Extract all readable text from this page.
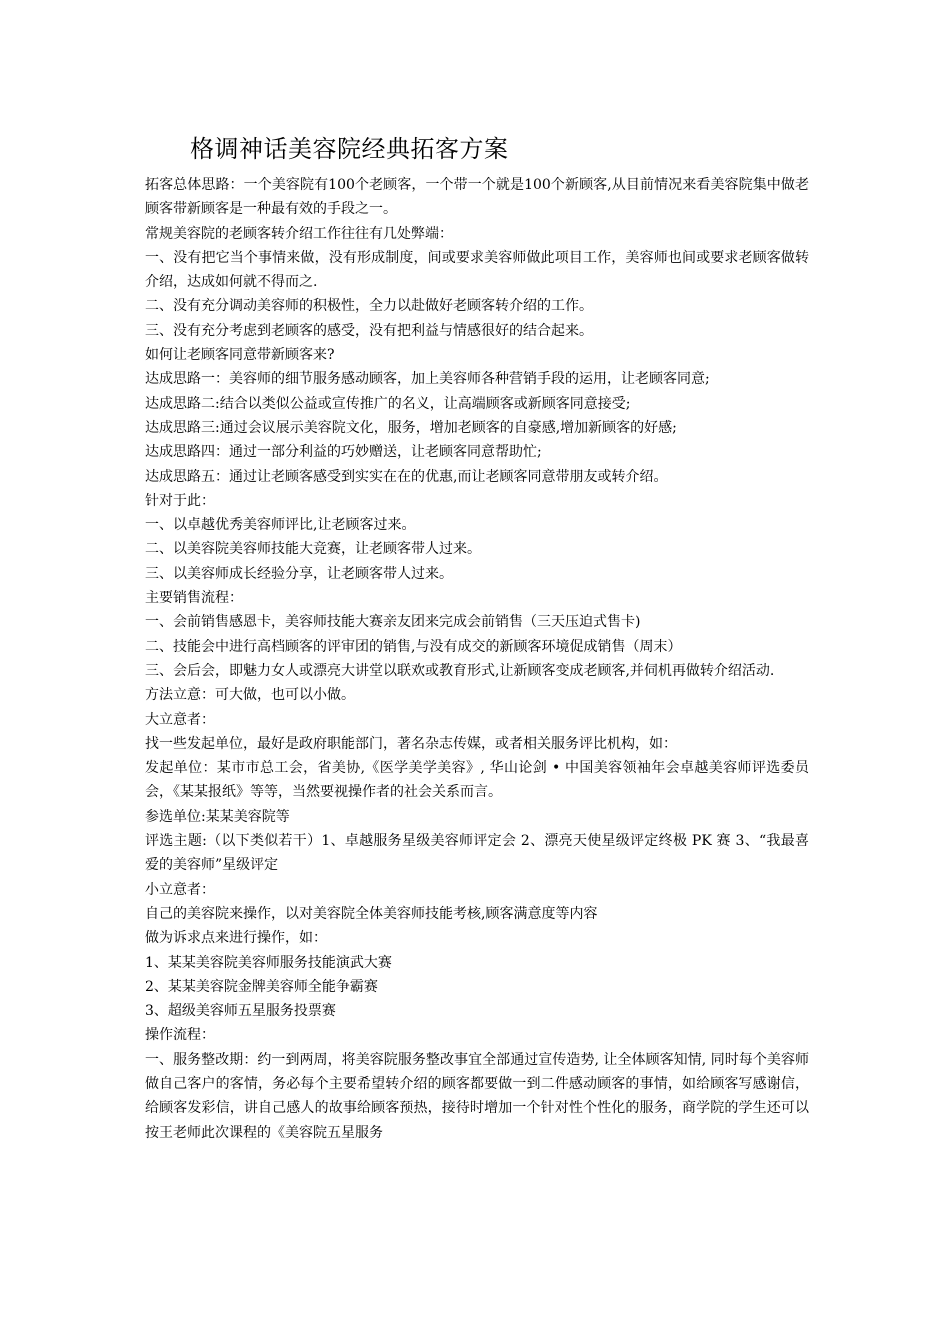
格调神话美容院经典拓客方案

拓客总体思路：一个美容院有100个老顾客，一个带一个就是100个新顾客,从目前情况来看美容院集中做老顾客带新顾客是一种最有效的手段之一。

常规美容院的老顾客转介绍工作往往有几处弊端：

一、没有把它当个事情来做，没有形成制度，间或要求美容师做此项目工作，美容师也间或要求老顾客做转介绍，达成如何就不得而之.

二、没有充分调动美容师的积极性，全力以赴做好老顾客转介绍的工作。

三、没有充分考虑到老顾客的感受，没有把利益与情感很好的结合起来。

如何让老顾客同意带新顾客来?

达成思路一：美容师的细节服务感动顾客，加上美容师各种营销手段的运用，让老顾客同意;

达成思路二:结合以类似公益或宣传推广的名义，让高端顾客或新顾客同意接受;

达成思路三:通过会议展示美容院文化，服务，增加老顾客的自豪感,增加新顾客的好感;

达成思路四：通过一部分利益的巧妙赠送，让老顾客同意帮助忙;

达成思路五：通过让老顾客感受到实实在在的优惠,而让老顾客同意带朋友或转介绍。

针对于此：

一、以卓越优秀美容师评比,让老顾客过来。

二、以美容院美容师技能大竞赛，让老顾客带人过来。

三、以美容师成长经验分享，让老顾客带人过来。

主要销售流程：

一、会前销售感恩卡，美容师技能大赛亲友团来完成会前销售（三天压迫式售卡)

二、技能会中进行高档顾客的评审团的销售,与没有成交的新顾客环境促成销售（周末）

三、会后会，即魅力女人或漂亮大讲堂以联欢或教育形式,让新顾客变成老顾客,并伺机再做转介绍活动.

方法立意：可大做，也可以小做。

大立意者：

找一些发起单位，最好是政府职能部门，著名杂志传媒，或者相关服务评比机构，如：

发起单位：某市市总工会，省美协,《医学美学美容》, 华山论剑 • 中国美容领袖年会卓越美容师评选委员会，《某某报纸》等等，当然要视操作者的社会关系而言。

参选单位:某某美容院等

评选主题:（以下类似若干）1、卓越服务星级美容师评定会 2、漂亮天使星级评定终极 PK 赛 3、“我最喜爱的美容师”星级评定

小立意者：

自己的美容院来操作，以对美容院全体美容师技能考核,顾客满意度等内容

做为诉求点来进行操作，如：

1、某某美容院美容师服务技能演武大赛

2、某某美容院金牌美容师全能争霸赛

3、超级美容师五星服务投票赛

操作流程：

一、服务整改期：约一到两周，将美容院服务整改事宜全部通过宣传造势, 让全体顾客知情, 同时每个美容师做自己客户的客情，务必每个主要希望转介绍的顾客都要做一到二件感动顾客的事情，如给顾客写感谢信，给顾客发彩信，讲自己感人的故事给顾客预热，接待时增加一个针对性个性化的服务，商学院的学生还可以按王老师此次课程的《美容院五星服务
